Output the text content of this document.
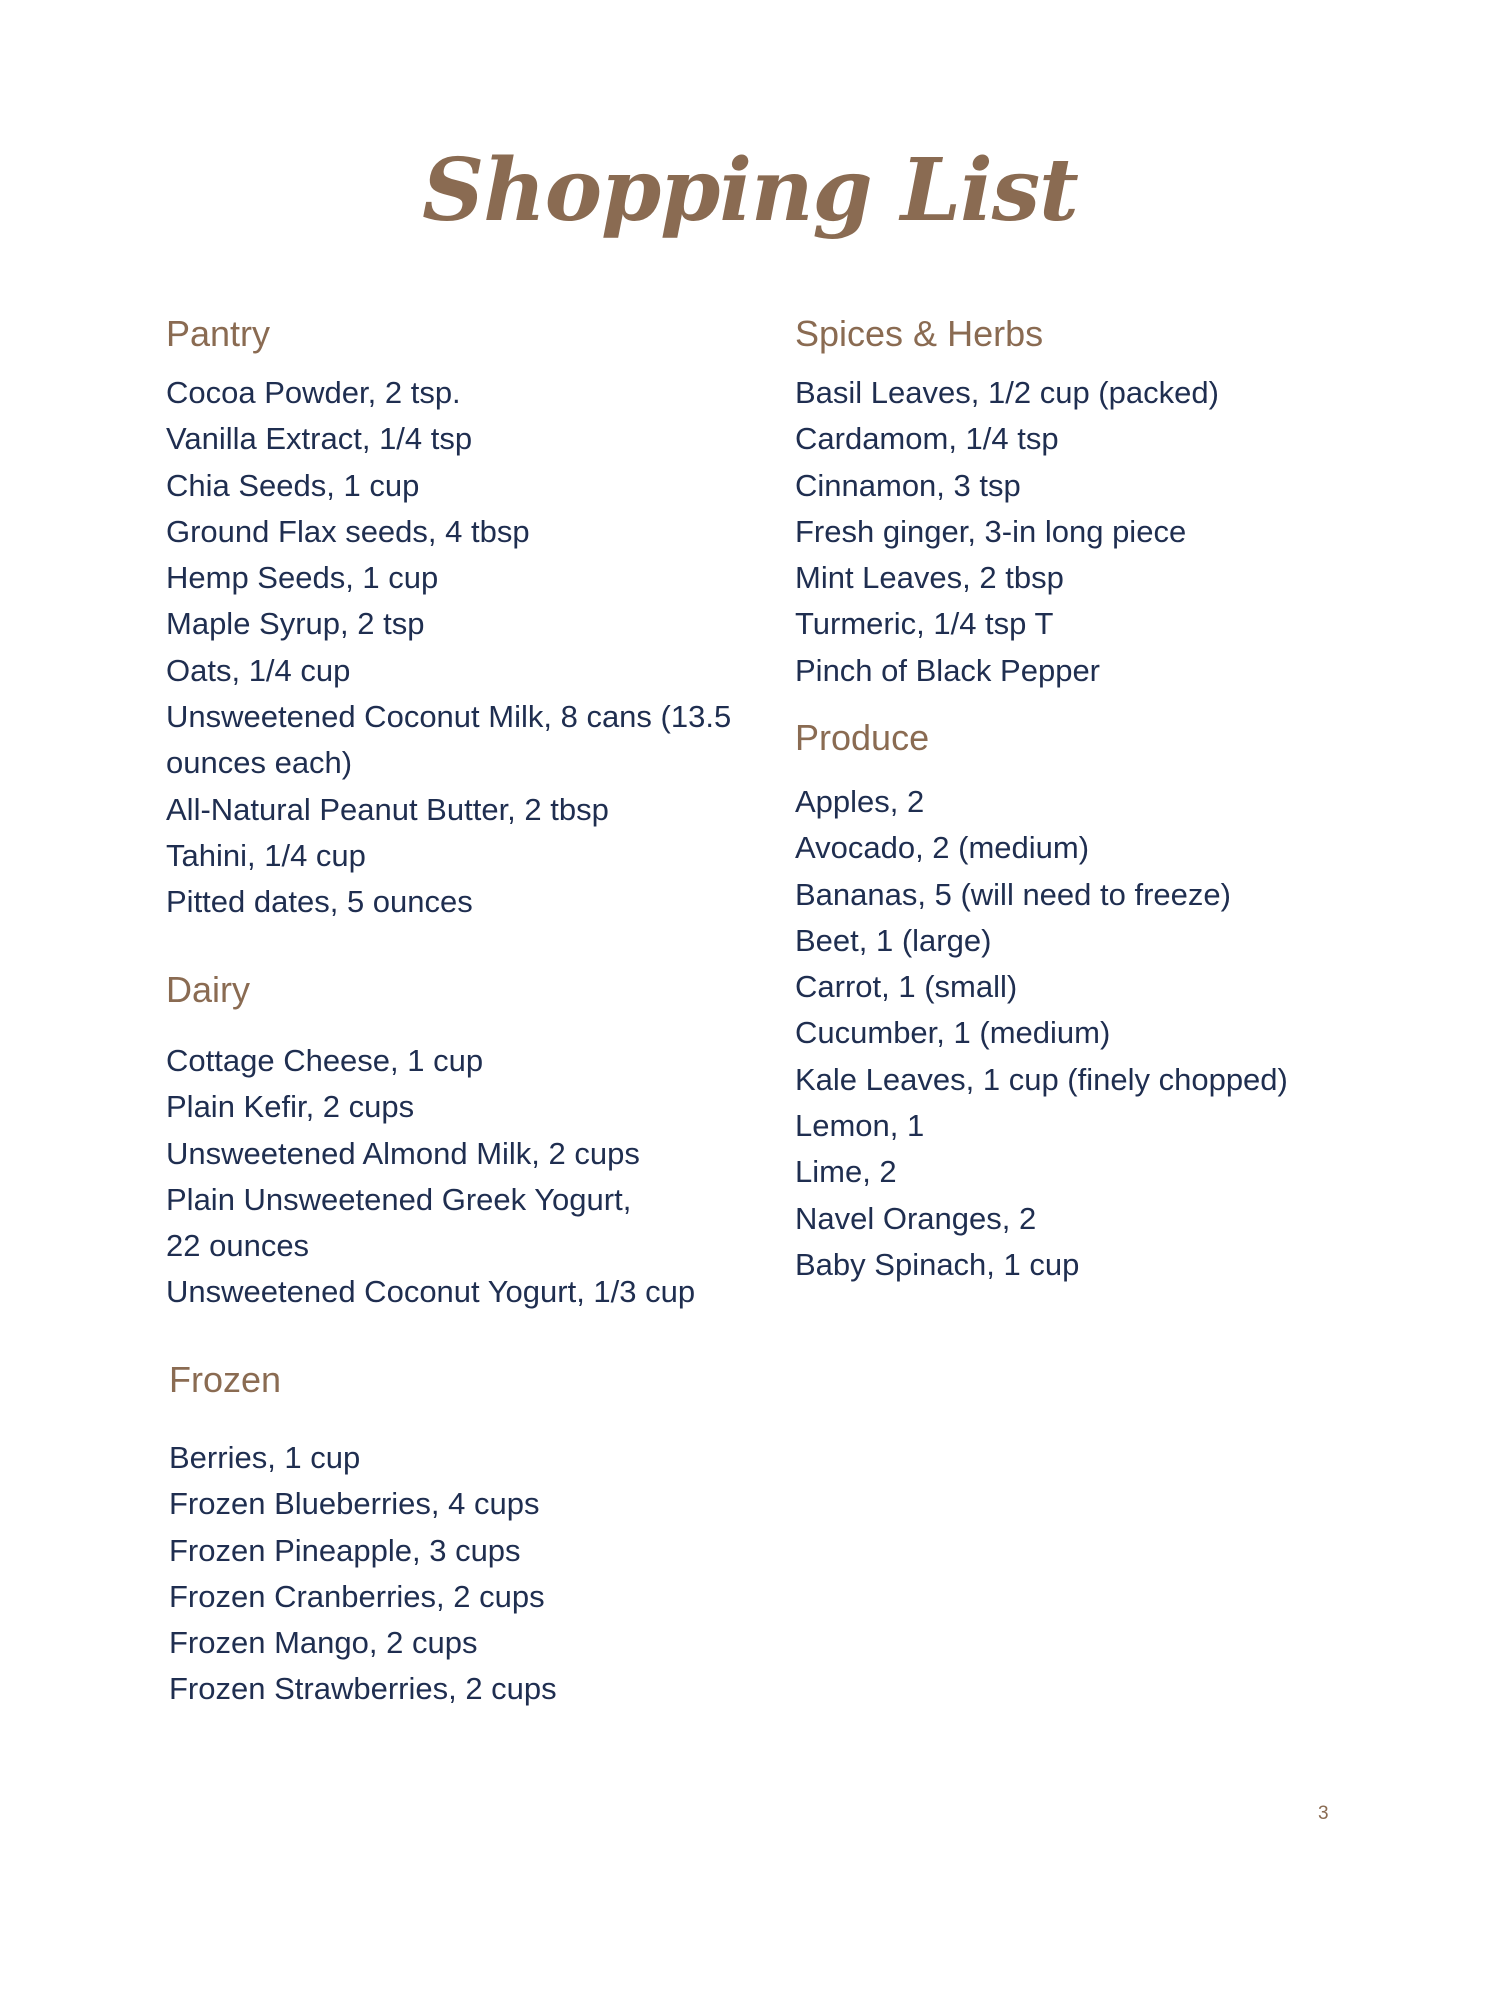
Shopping List
Pantry
Cocoa Powder, 2 tsp.
Vanilla Extract, 1/4 tsp
Chia Seeds, 1 cup
Ground Flax seeds, 4 tbsp
Hemp Seeds, 1 cup
Maple Syrup, 2 tsp
Oats, 1/4 cup
Unsweetened Coconut Milk, 8 cans (13.5 ounces each)
All-Natural Peanut Butter, 2 tbsp
Tahini, 1/4 cup
Pitted dates, 5 ounces
Dairy
Cottage Cheese, 1 cup
Plain Kefir, 2 cups
Unsweetened Almond Milk, 2 cups
Plain Unsweetened Greek Yogurt,
22 ounces
Unsweetened Coconut Yogurt, 1/3 cup
Frozen
Berries, 1 cup
Frozen Blueberries, 4 cups
Frozen Pineapple, 3 cups
Frozen Cranberries, 2 cups
Frozen Mango, 2 cups
Frozen Strawberries, 2 cups
Spices & Herbs
Basil Leaves, 1/2 cup (packed)
Cardamom, 1/4 tsp
Cinnamon, 3 tsp
Fresh ginger, 3-in long piece
Mint Leaves, 2 tbsp
Turmeric, 1/4 tsp T
Pinch of Black Pepper
Produce
Apples, 2
Avocado, 2 (medium)
Bananas, 5 (will need to freeze)
Beet, 1 (large)
Carrot, 1 (small)
Cucumber, 1 (medium)
Kale Leaves, 1 cup (finely chopped)
Lemon, 1
Lime, 2
Navel Oranges, 2
Baby Spinach, 1 cup
3
